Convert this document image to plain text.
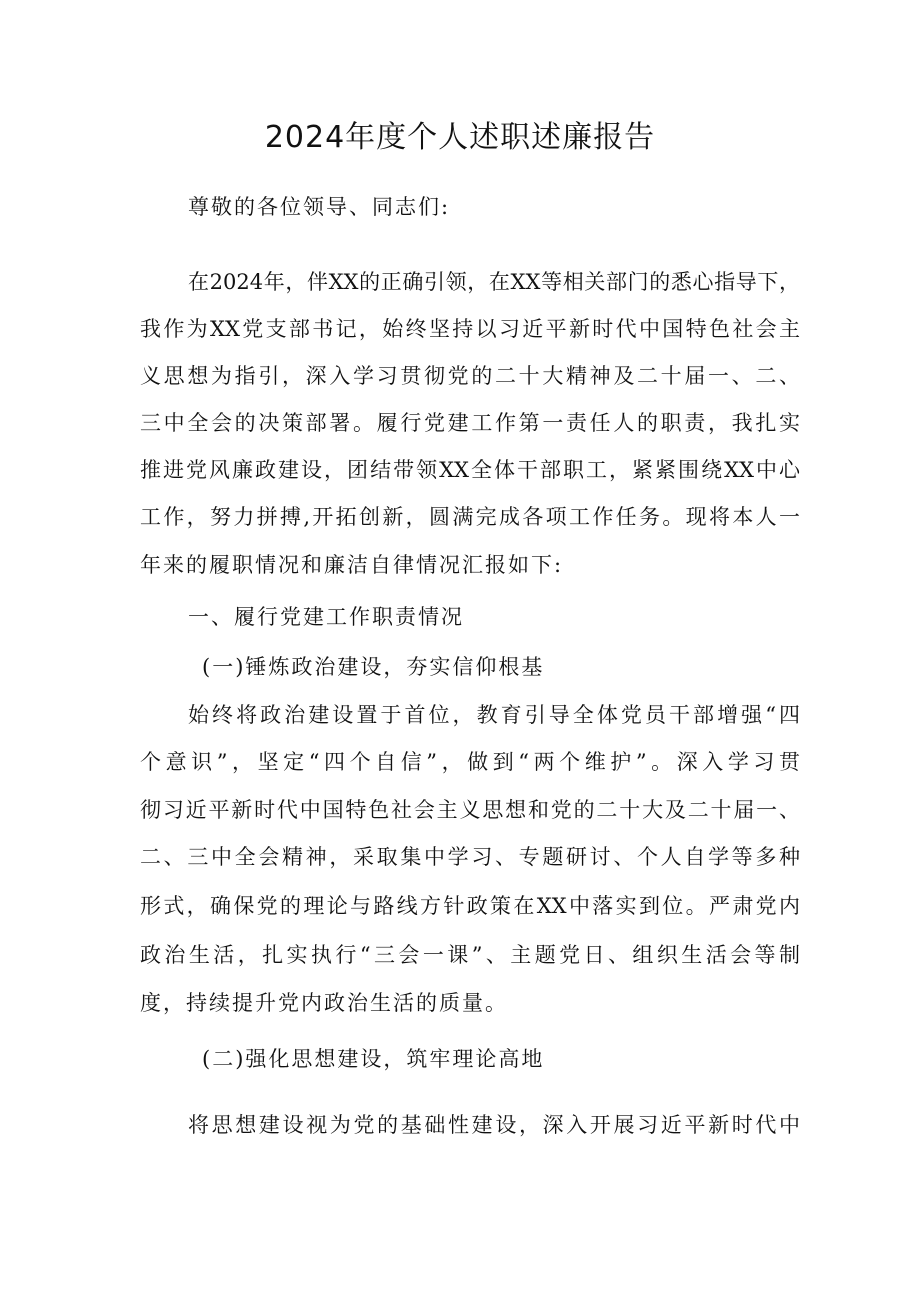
2024年度个人述职述廉报告
尊敬的各位领导、同志们:
在2024年，伴XX的正确引领，在XX等相关部门的悉心指导下，
我作为XX党支部书记，始终坚持以习近平新时代中国特色社会主
义思想为指引，深入学习贯彻党的二十大精神及二十届一、二、
三中全会的决策部署。履行党建工作第一责任人的职责，我扎实
推进党风廉政建设，团结带领XX全体干部职工，紧紧围绕XX中心
工作，努力拼搏,开拓创新，圆满完成各项工作任务。现将本人一
年来的履职情况和廉洁自律情况汇报如下:
一、履行党建工作职责情况
(一)锤炼政治建设，夯实信仰根基
始终将政治建设置于首位，教育引导全体党员干部增强“四
个意识”，坚定“四个自信”，做到“两个维护”。深入学习贯
彻习近平新时代中国特色社会主义思想和党的二十大及二十届一、
二、三中全会精神，采取集中学习、专题研讨、个人自学等多种
形式，确保党的理论与路线方针政策在XX中落实到位。严肃党内
政治生活，扎实执行“三会一课”、主题党日、组织生活会等制
度，持续提升党内政治生活的质量。
(二)强化思想建设，筑牢理论高地
将思想建设视为党的基础性建设，深入开展习近平新时代中
